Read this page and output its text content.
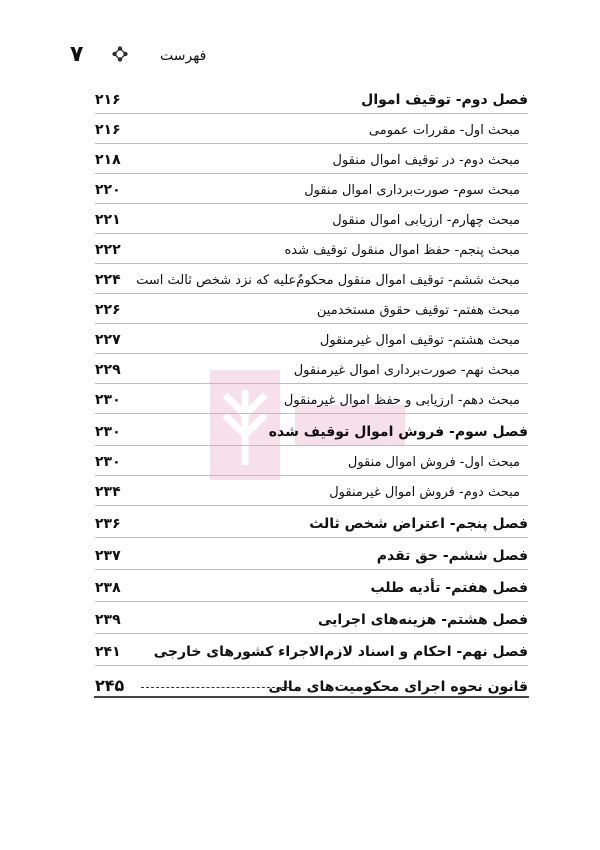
۷	فهرست
فصل دوم- توقیف اموال
۲۱۶
مبحث اول- مقررات عمومی
۲۱۶
مبحث دوم- در توقیف اموال منقول
۲۱۸
مبحث سوم- صورت‌برداری اموال منقول
۲۲۰
مبحث چهارم- ارزیابی اموال منقول
۲۲۱
مبحث پنجم- حفظ اموال منقول توقیف شده
۲۲۲
مبحث ششم- توقیف اموال منقول محکوم‌ٌعلیه که نزد شخص ثالث است
۲۲۴
مبحث هفتم- توقیف حقوق مستخدمین
۲۲۶
مبحث هشتم- توقیف اموال غیرمنقول
۲۲۷
مبحث نهم- صورت‌برداری اموال غیرمنقول
۲۲۹
مبحث دهم- ارزیابی و حفظ اموال غیرمنقول
۲۳۰
فصل سوم- فروش اموال توقیف شده
۲۳۰
مبحث اول- فروش اموال منقول
۲۳۰
مبحث دوم- فروش اموال غیرمنقول
۲۳۴
فصل پنجم- اعتراض شخص ثالث
۲۳۶
فصل ششم- حق تقدم
۲۳۷
فصل هفتم- تأدیه طلب
۲۳۸
فصل هشتم- هزینه‌های اجرایی
۲۳۹
فصل نهم- احکام و اسناد لازم‌الاجراء کشورهای خارجی
۲۴۱
قانون نحوه اجرای محکومیت‌های مالی
۲۴۵
